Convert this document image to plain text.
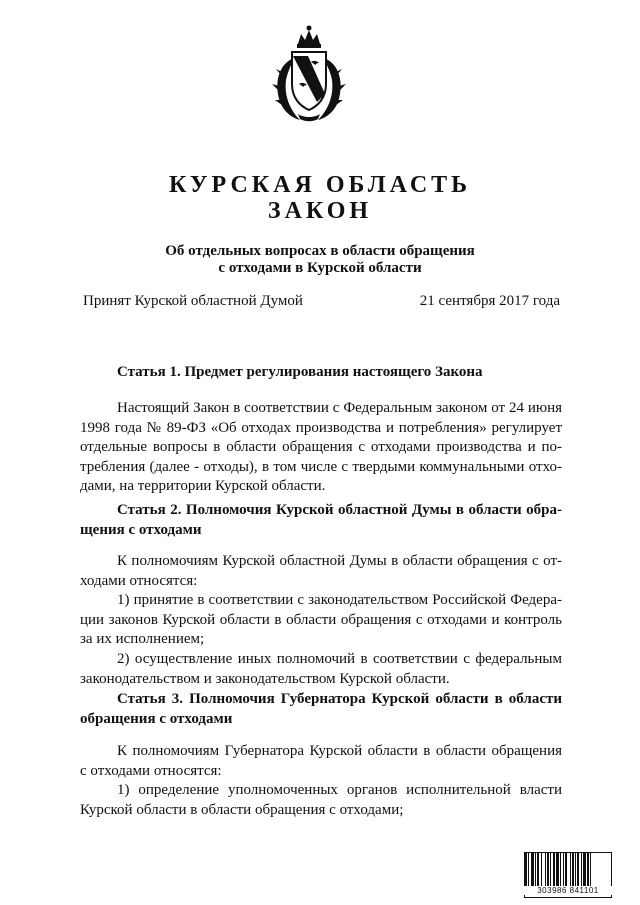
КУРСКАЯ ОБЛАСТЬ
ЗАКОН
Об отдельных вопросах в области обращения
с отходами в Курской области
Принят Курской областной Думой	21 сентября 2017 года
Статья 1. Предмет регулирования настоящего Закона
Настоящий Закон в соответствии с Федеральным законом от 24 июня
1998 года № 89-ФЗ «Об отходах производства и потребления» регулирует
отдельные вопросы в области обращения с отходами производства и по-
требления (далее - отходы), в том числе с твердыми коммунальными отхо-
дами, на территории Курской области.
Статья 2. Полномочия Курской областной Думы в области обра-
щения с отходами
К полномочиям Курской областной Думы в области обращения с от-
ходами относятся:
1) принятие в соответствии с законодательством Российской Федера-
ции законов Курской области в области обращения с отходами и контроль
за их исполнением;
2) осуществление иных полномочий в соответствии с федеральным
законодательством и законодательством Курской области.
Статья 3. Полномочия Губернатора Курской области в области
обращения с отходами
К полномочиям Губернатора Курской области в области обращения
с отходами относятся:
1) определение уполномоченных органов исполнительной власти
Курской области в области обращения с отходами;
303986 841101
